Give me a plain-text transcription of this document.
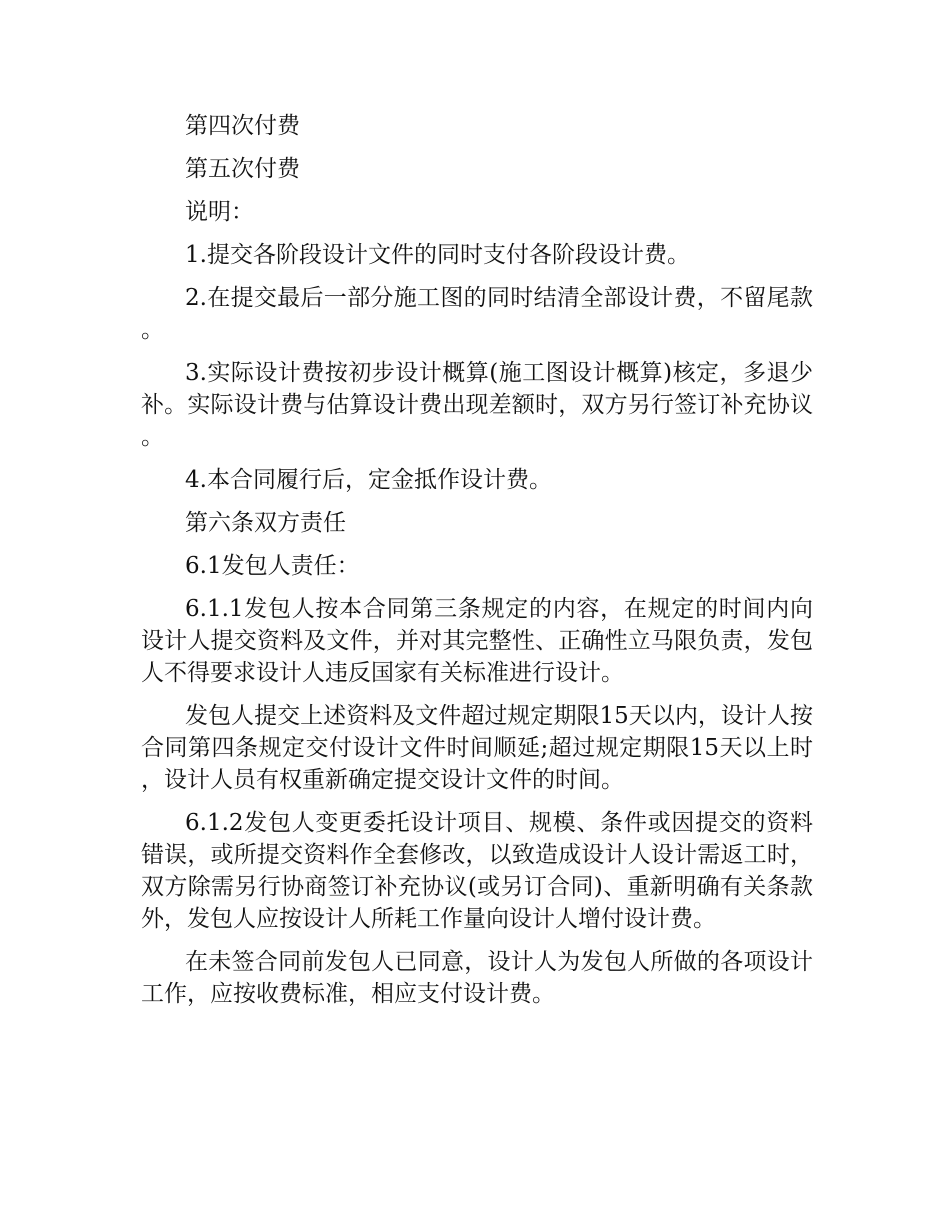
第四次付费

第五次付费

说明：

1.提交各阶段设计文件的同时支付各阶段设计费。

2.在提交最后一部分施工图的同时结清全部设计费，不留尾款。

3.实际设计费按初步设计概算(施工图设计概算)核定，多退少补。实际设计费与估算设计费出现差额时，双方另行签订补充协议。

4.本合同履行后，定金抵作设计费。

第六条双方责任

6.1发包人责任：

6.1.1发包人按本合同第三条规定的内容，在规定的时间内向设计人提交资料及文件，并对其完整性、正确性立马限负责，发包人不得要求设计人违反国家有关标准进行设计。

发包人提交上述资料及文件超过规定期限15天以内，设计人按合同第四条规定交付设计文件时间顺延;超过规定期限15天以上时，设计人员有权重新确定提交设计文件的时间。

6.1.2发包人变更委托设计项目、规模、条件或因提交的资料错误，或所提交资料作全套修改，以致造成设计人设计需返工时，双方除需另行协商签订补充协议(或另订合同)、重新明确有关条款外，发包人应按设计人所耗工作量向设计人增付设计费。

在未签合同前发包人已同意，设计人为发包人所做的各项设计工作，应按收费标准，相应支付设计费。
